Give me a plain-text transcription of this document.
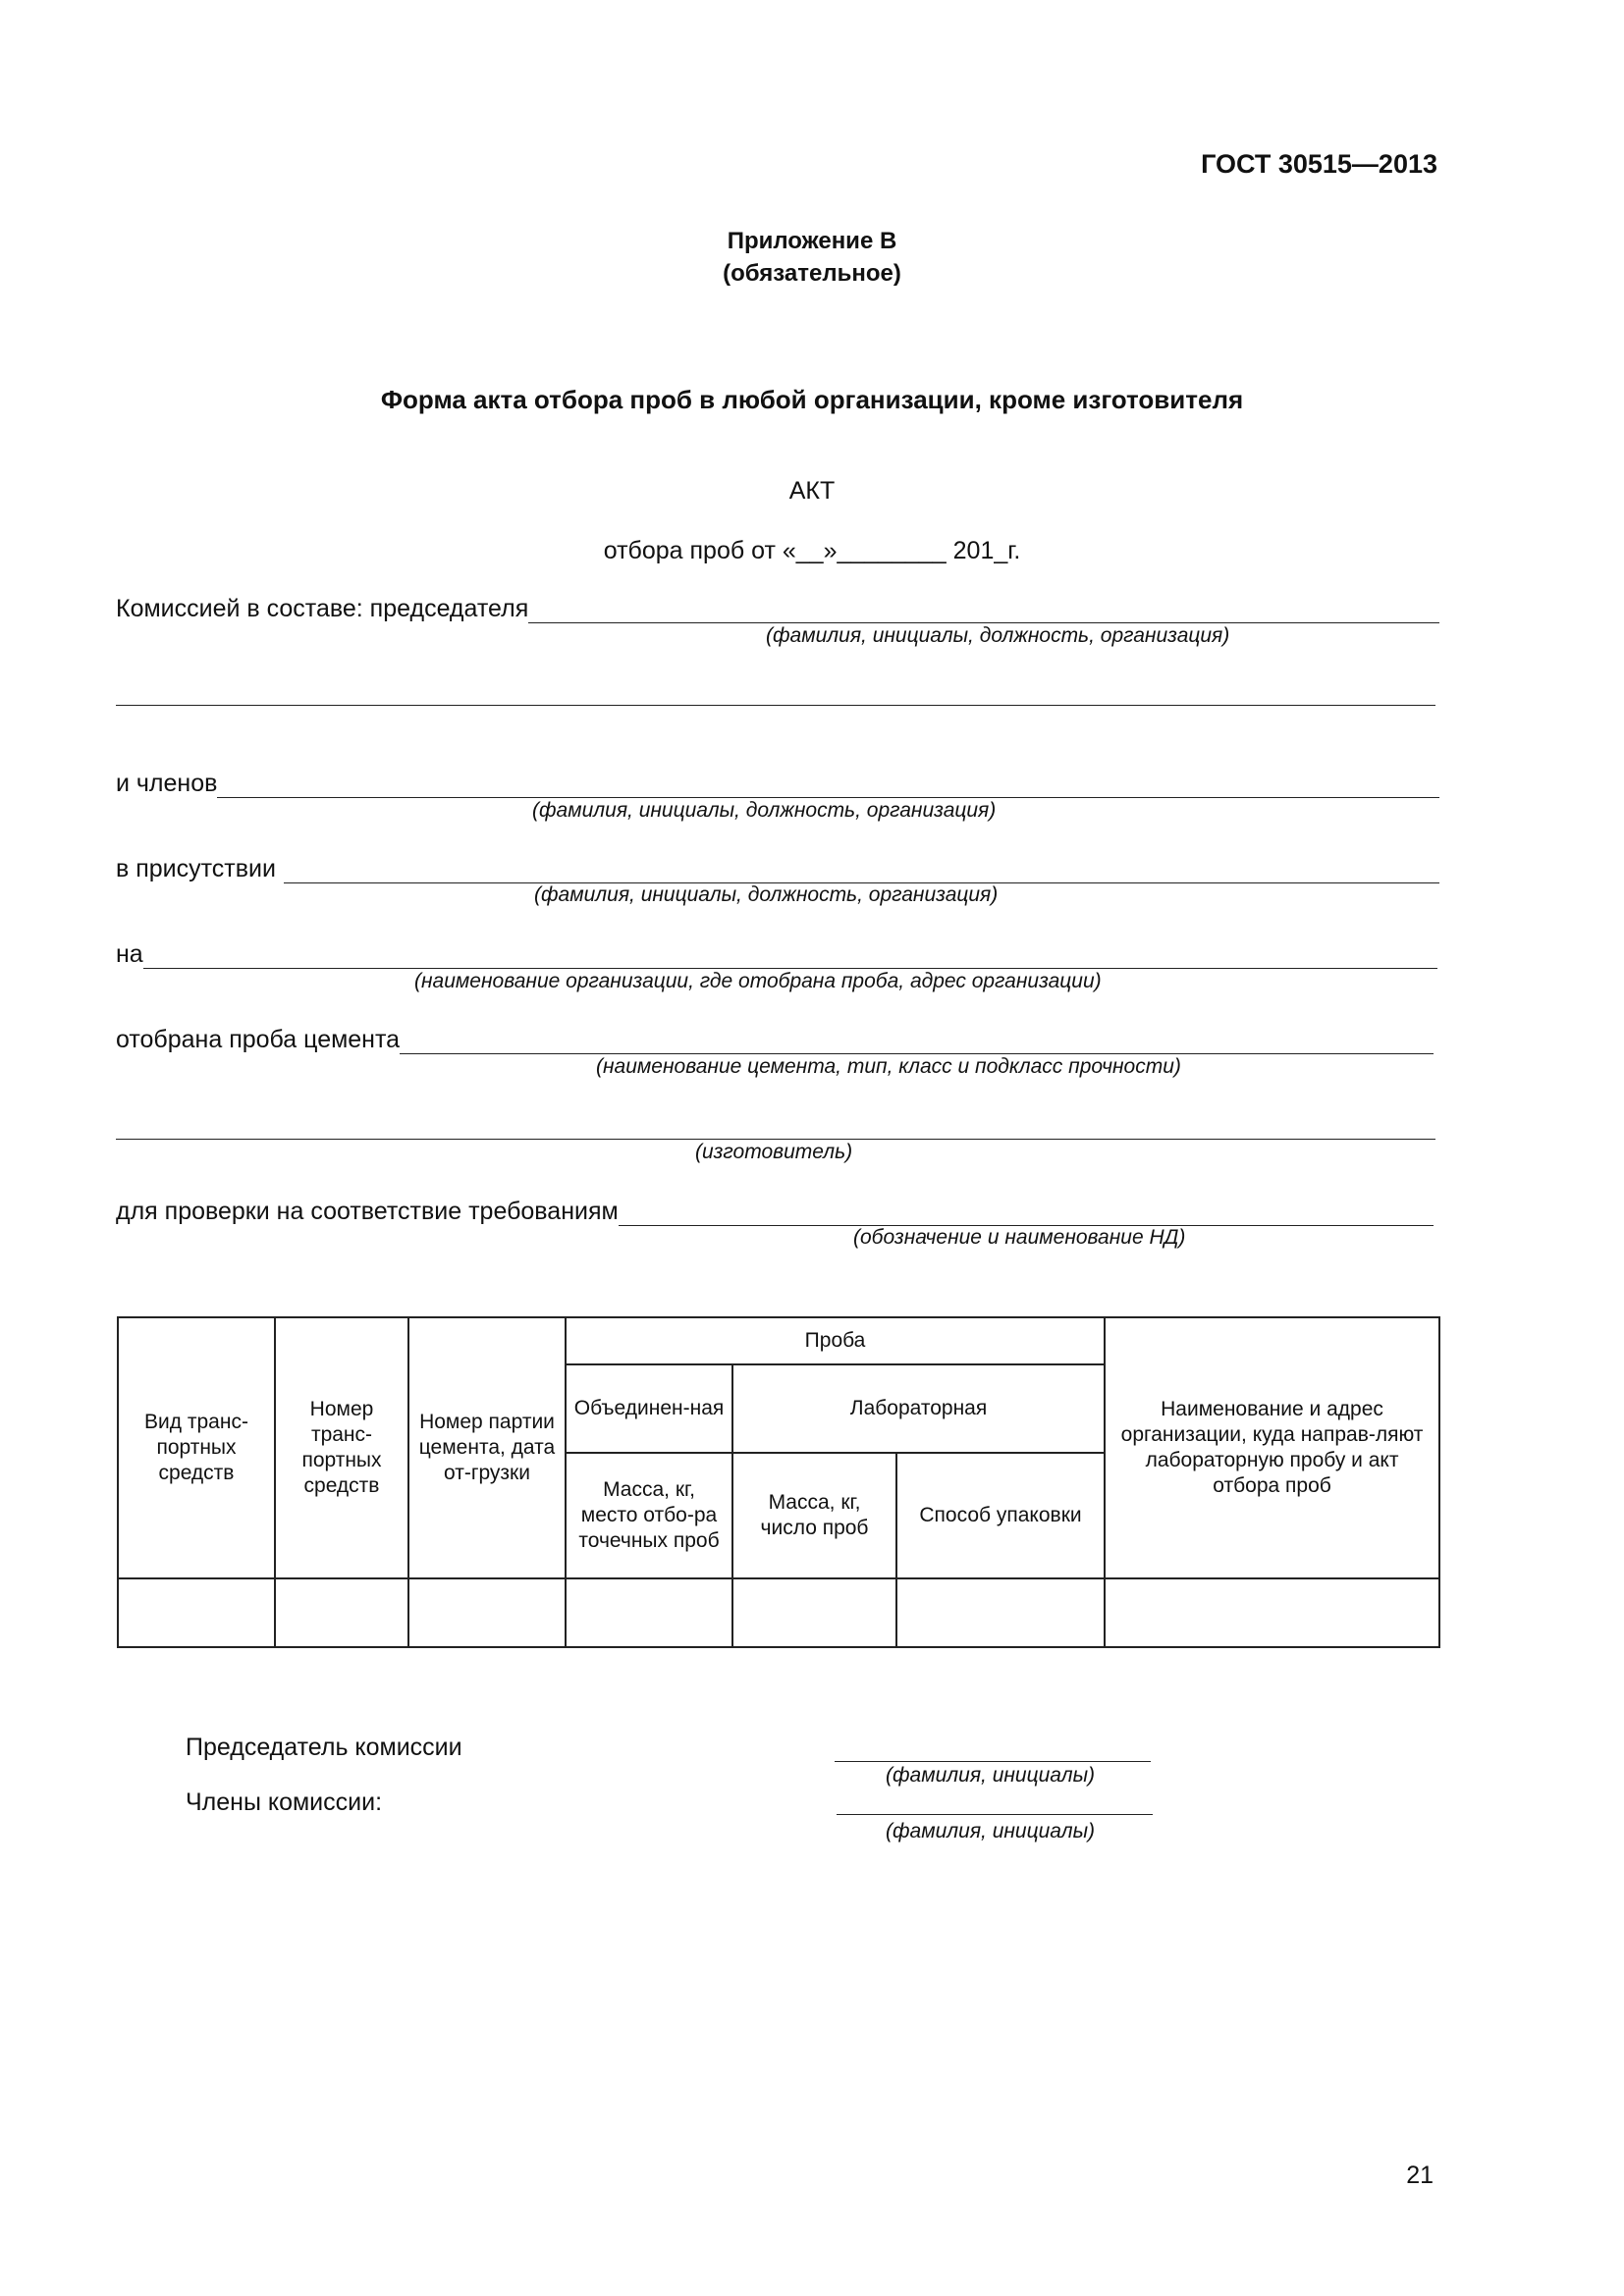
ГОСТ 30515—2013
Приложение В
(обязательное)
Форма акта отбора проб в любой организации, кроме изготовителя
АКТ
отбора проб от «__»________ 201_г.
Комиссией в составе: председателя
(фамилия, инициалы, должность, организация)
и членов
(фамилия, инициалы, должность, организация)
в присутствии
(фамилия, инициалы, должность, организация)
на
(наименование организации, где отобрана проба, адрес организации)
отобрана проба цемента
(наименование цемента, тип, класс и подкласс прочности)
(изготовитель)
для проверки на соответствие требованиям
(обозначение и наименование НД)
Вид транс-портных средств	Номер транс-портных средств	Номер партии цемента, дата от-грузки	Проба			Наименование и адрес организации, куда направ-ляют лабораторную пробу и акт отбора проб
			Объединен-ная	Лабораторная		
			Масса, кг, место отбо-ра точечных проб	Масса, кг, число проб	Способ упаковки	

Председатель комиссии
(фамилия, инициалы)
Члены комиссии:
(фамилия, инициалы)
21
